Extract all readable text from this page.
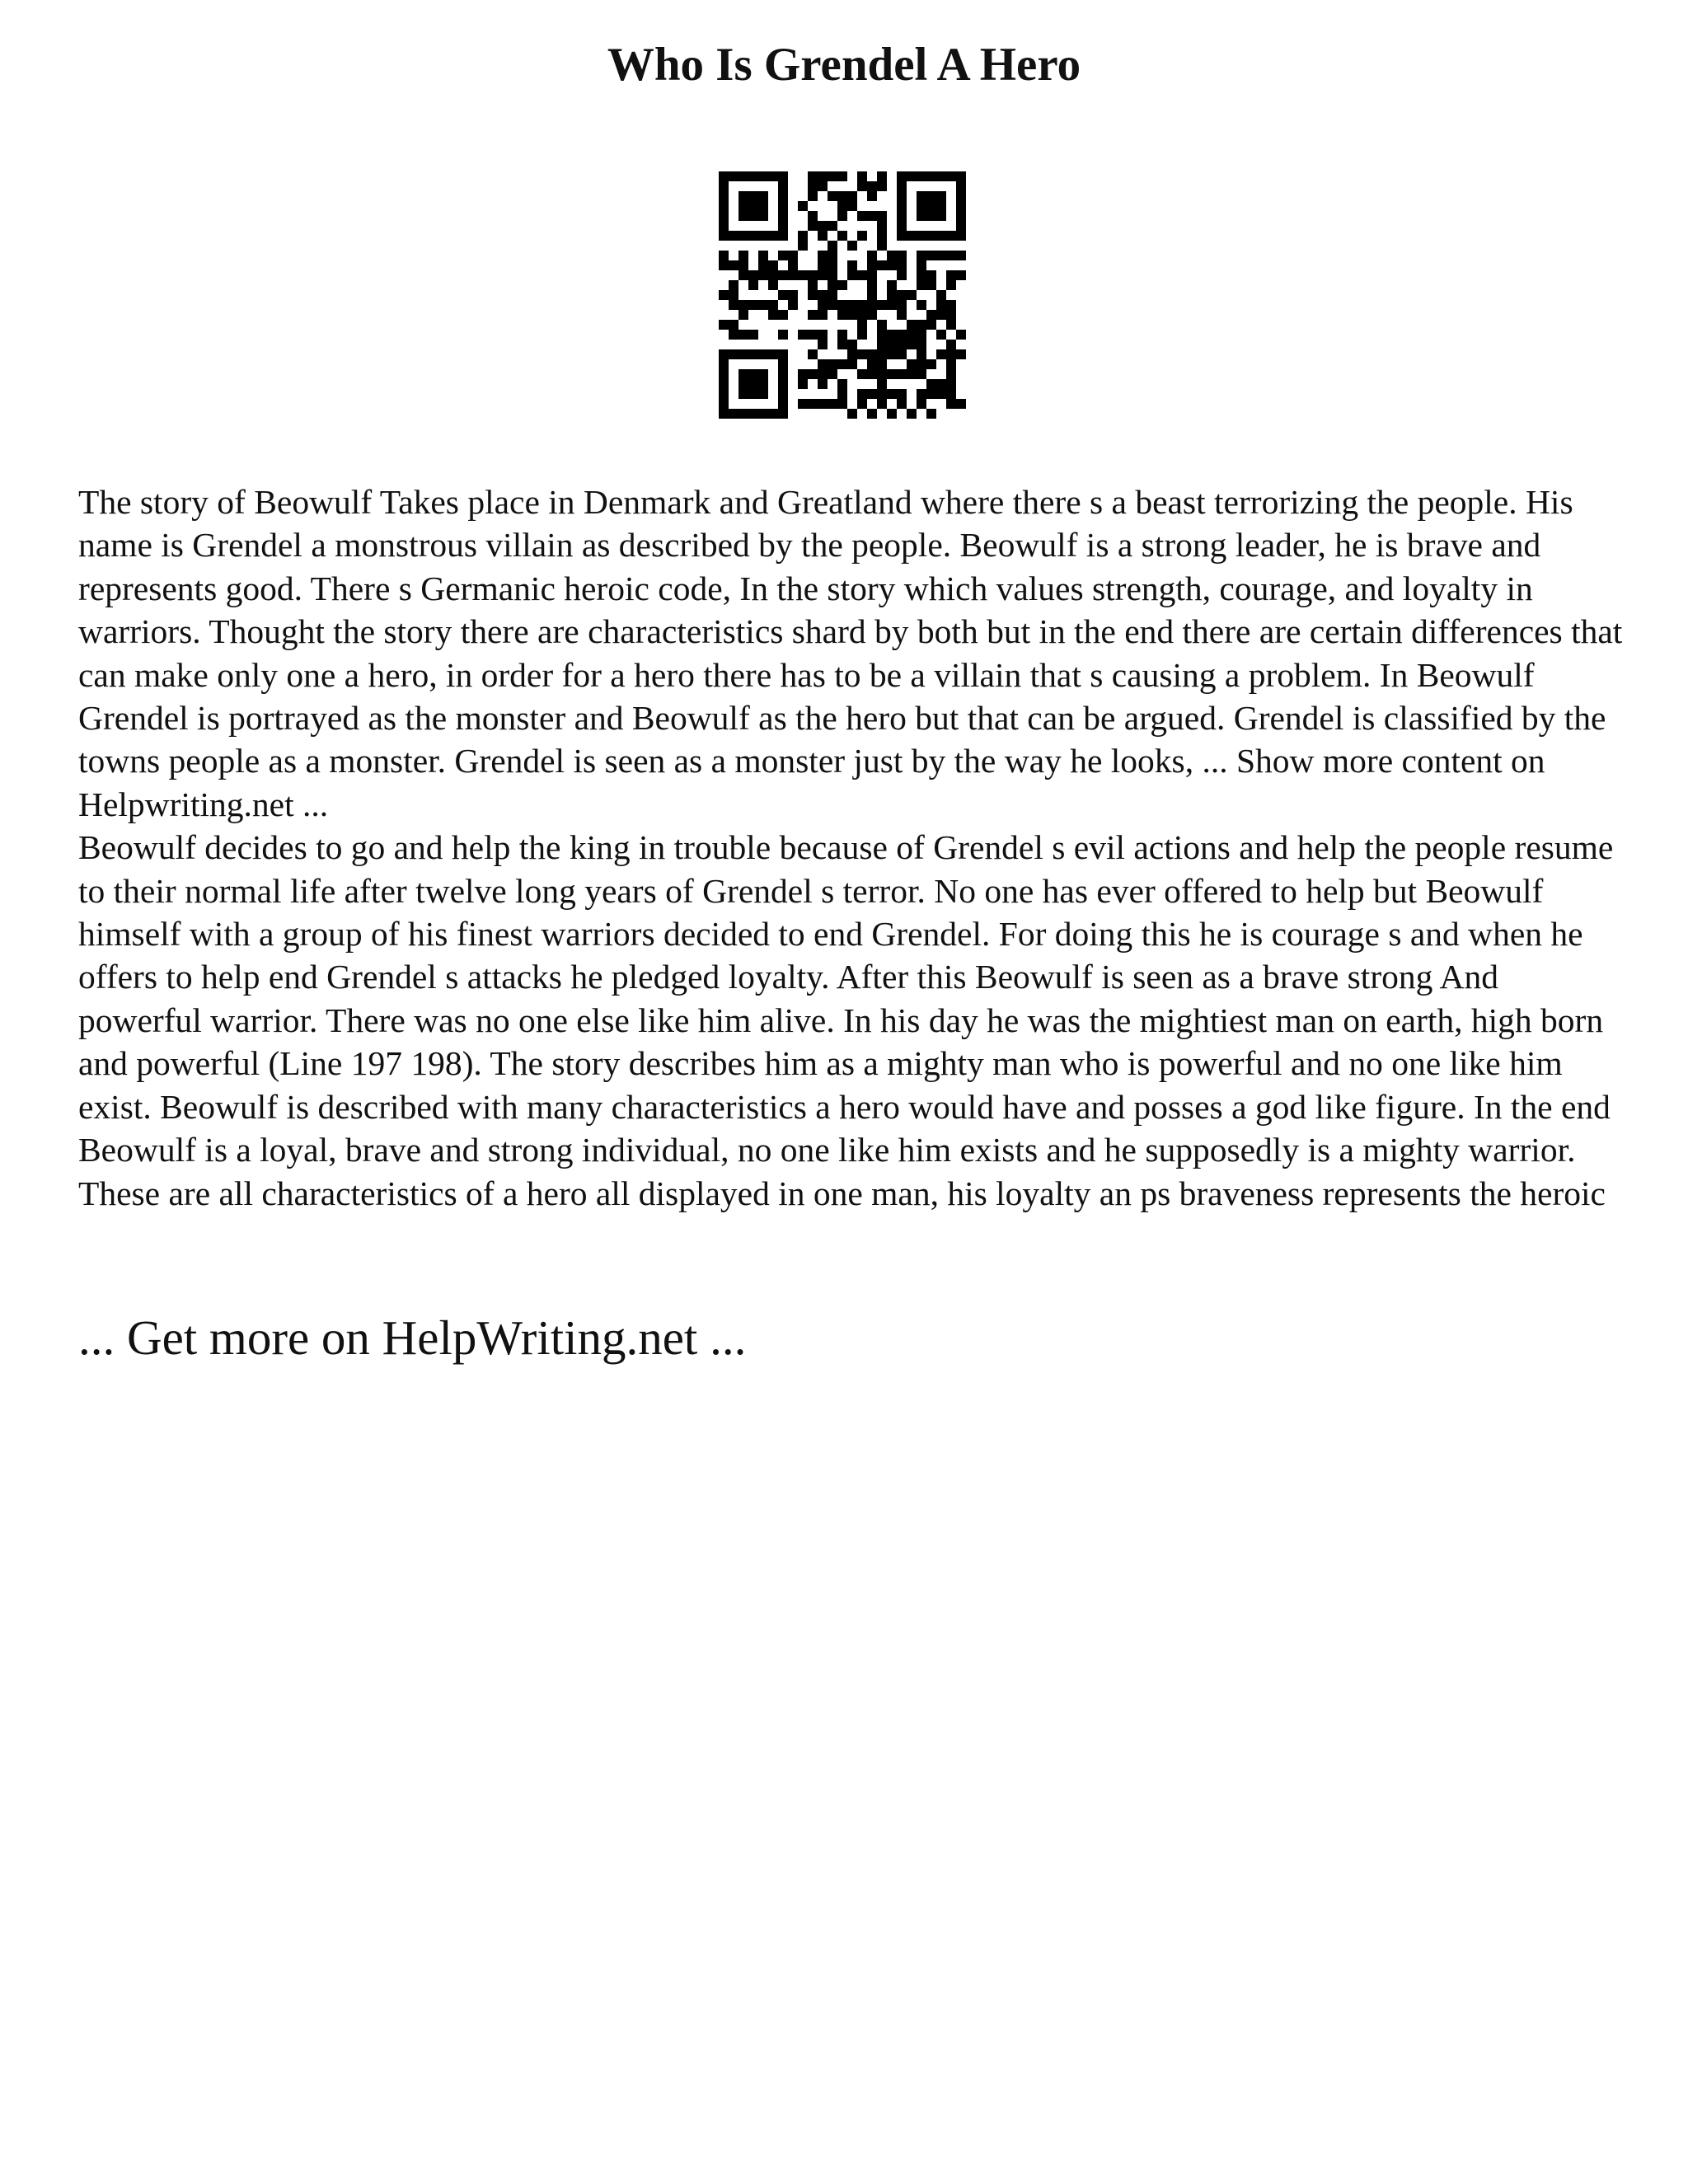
Who Is Grendel A Hero

The story of Beowulf Takes place in Denmark and Greatland where there s a beast terrorizing the people. His name is Grendel a monstrous villain as described by the people. Beowulf is a strong leader, he is brave and represents good. There s Germanic heroic code, In the story which values strength, courage, and loyalty in warriors. Thought the story there are characteristics shard by both but in the end there are certain differences that can make only one a hero, in order for a hero there has to be a villain that s causing a problem. In Beowulf Grendel is portrayed as the monster and Beowulf as the hero but that can be argued. Grendel is classified by the towns people as a monster. Grendel is seen as a monster just by the way he looks, ... Show more content on Helpwriting.net ...

Beowulf decides to go and help the king in trouble because of Grendel s evil actions and help the people resume to their normal life after twelve long years of Grendel s terror. No one has ever offered to help but Beowulf himself with a group of his finest warriors decided to end Grendel. For doing this he is courage s and when he offers to help end Grendel s attacks he pledged loyalty. After this Beowulf is seen as a brave strong And powerful warrior. There was no one else like him alive. In his day he was the mightiest man on earth, high born and powerful (Line 197 198). The story describes him as a mighty man who is powerful and no one like him exist. Beowulf is described with many characteristics a hero would have and posses a god like figure. In the end Beowulf is a loyal, brave and strong individual, no one like him exists and he supposedly is a mighty warrior. These are all characteristics of a hero all displayed in one man, his loyalty an ps braveness represents the heroic

... Get more on HelpWriting.net ...
